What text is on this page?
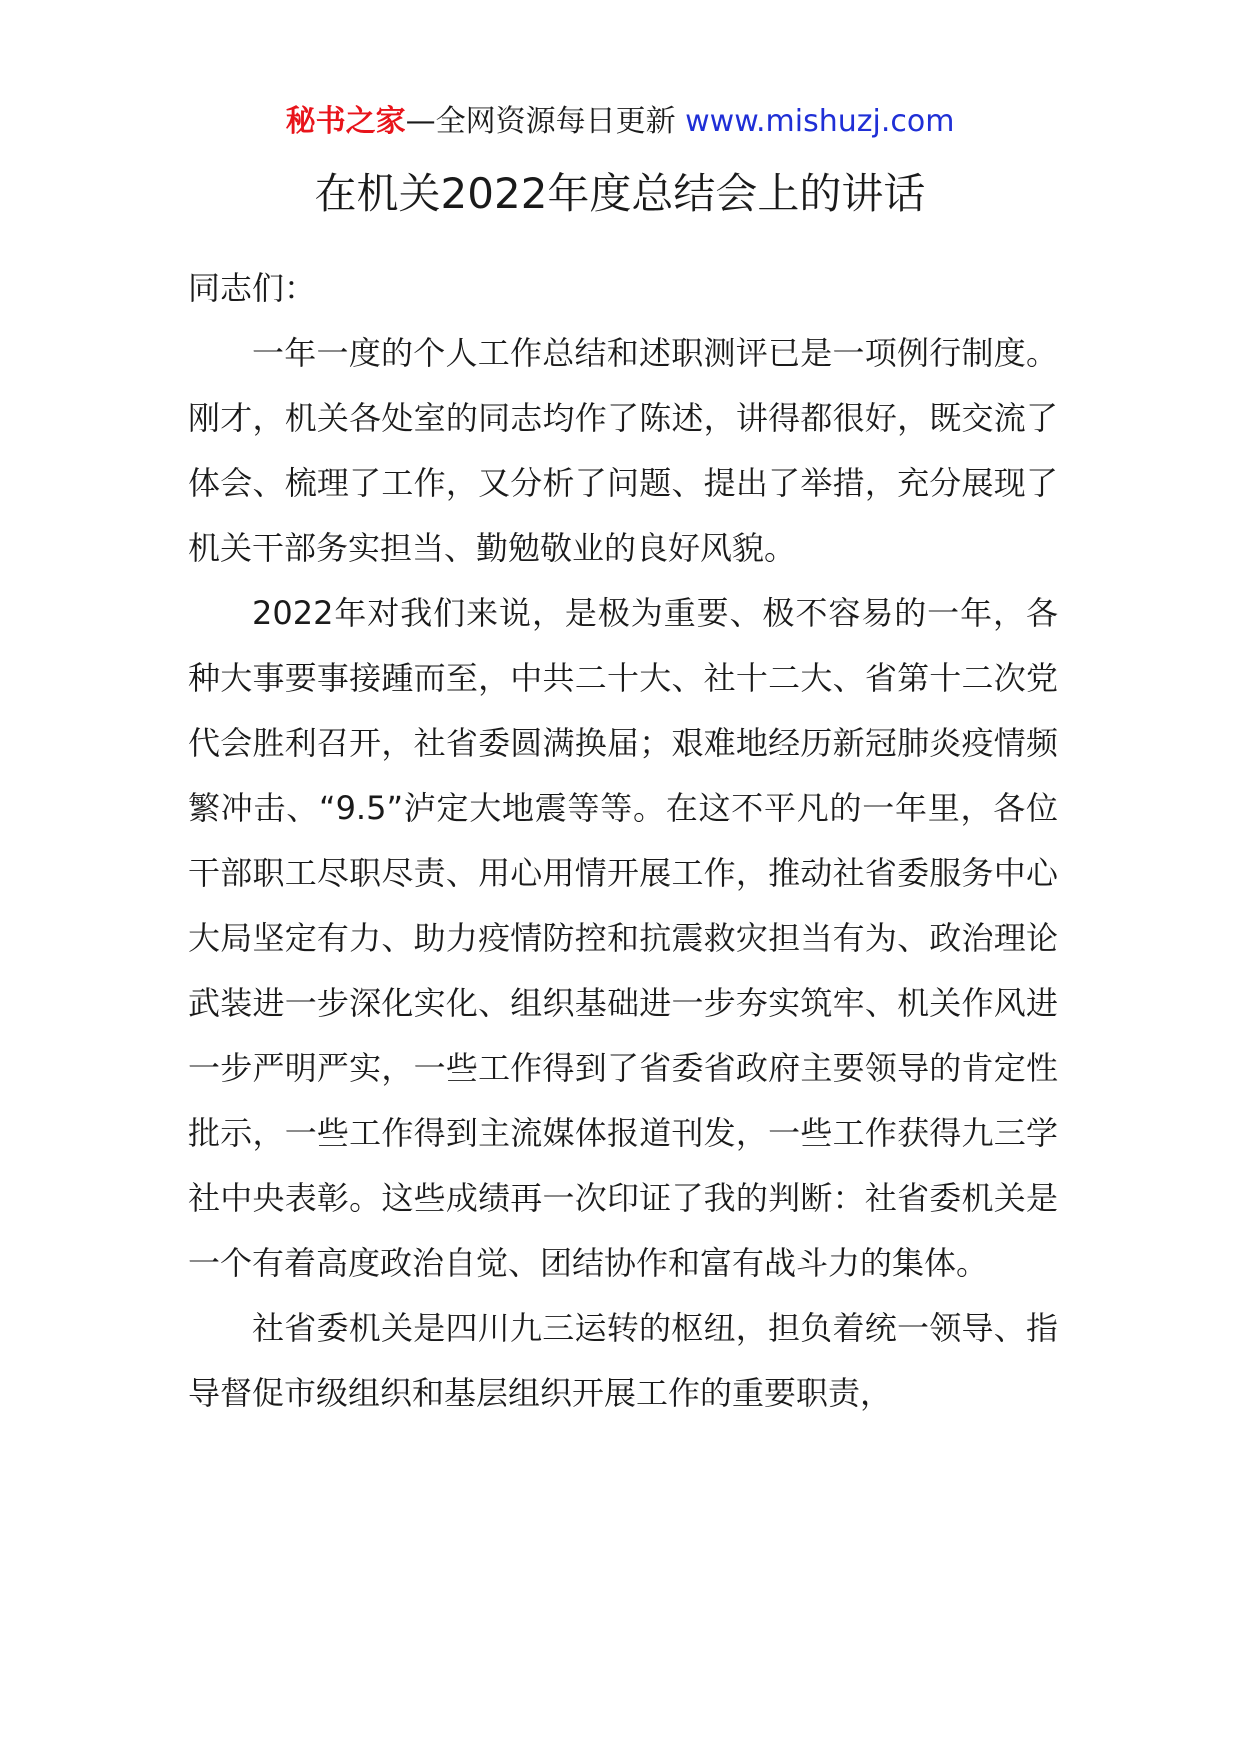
秘书之家—全网资源每日更新 www.mishuzj.com
在机关2022年度总结会上的讲话

同志们：

一年一度的个人工作总结和述职测评已是一项例行制度。刚才，机关各处室的同志均作了陈述，讲得都很好，既交流了体会、梳理了工作，又分析了问题、提出了举措，充分展现了机关干部务实担当、勤勉敬业的良好风貌。

2022年对我们来说，是极为重要、极不容易的一年，各种大事要事接踵而至，中共二十大、社十二大、省第十二次党代会胜利召开，社省委圆满换届；艰难地经历新冠肺炎疫情频繁冲击、“9.5”泸定大地震等等。在这不平凡的一年里，各位干部职工尽职尽责、用心用情开展工作，推动社省委服务中心大局坚定有力、助力疫情防控和抗震救灾担当有为、政治理论武装进一步深化实化、组织基础进一步夯实筑牢、机关作风进一步严明严实，一些工作得到了省委省政府主要领导的肯定性批示，一些工作得到主流媒体报道刊发，一些工作获得九三学社中央表彰。这些成绩再一次印证了我的判断：社省委机关是一个有着高度政治自觉、团结协作和富有战斗力的集体。

社省委机关是四川九三运转的枢纽，担负着统一领导、指导督促市级组织和基层组织开展工作的重要职责，
